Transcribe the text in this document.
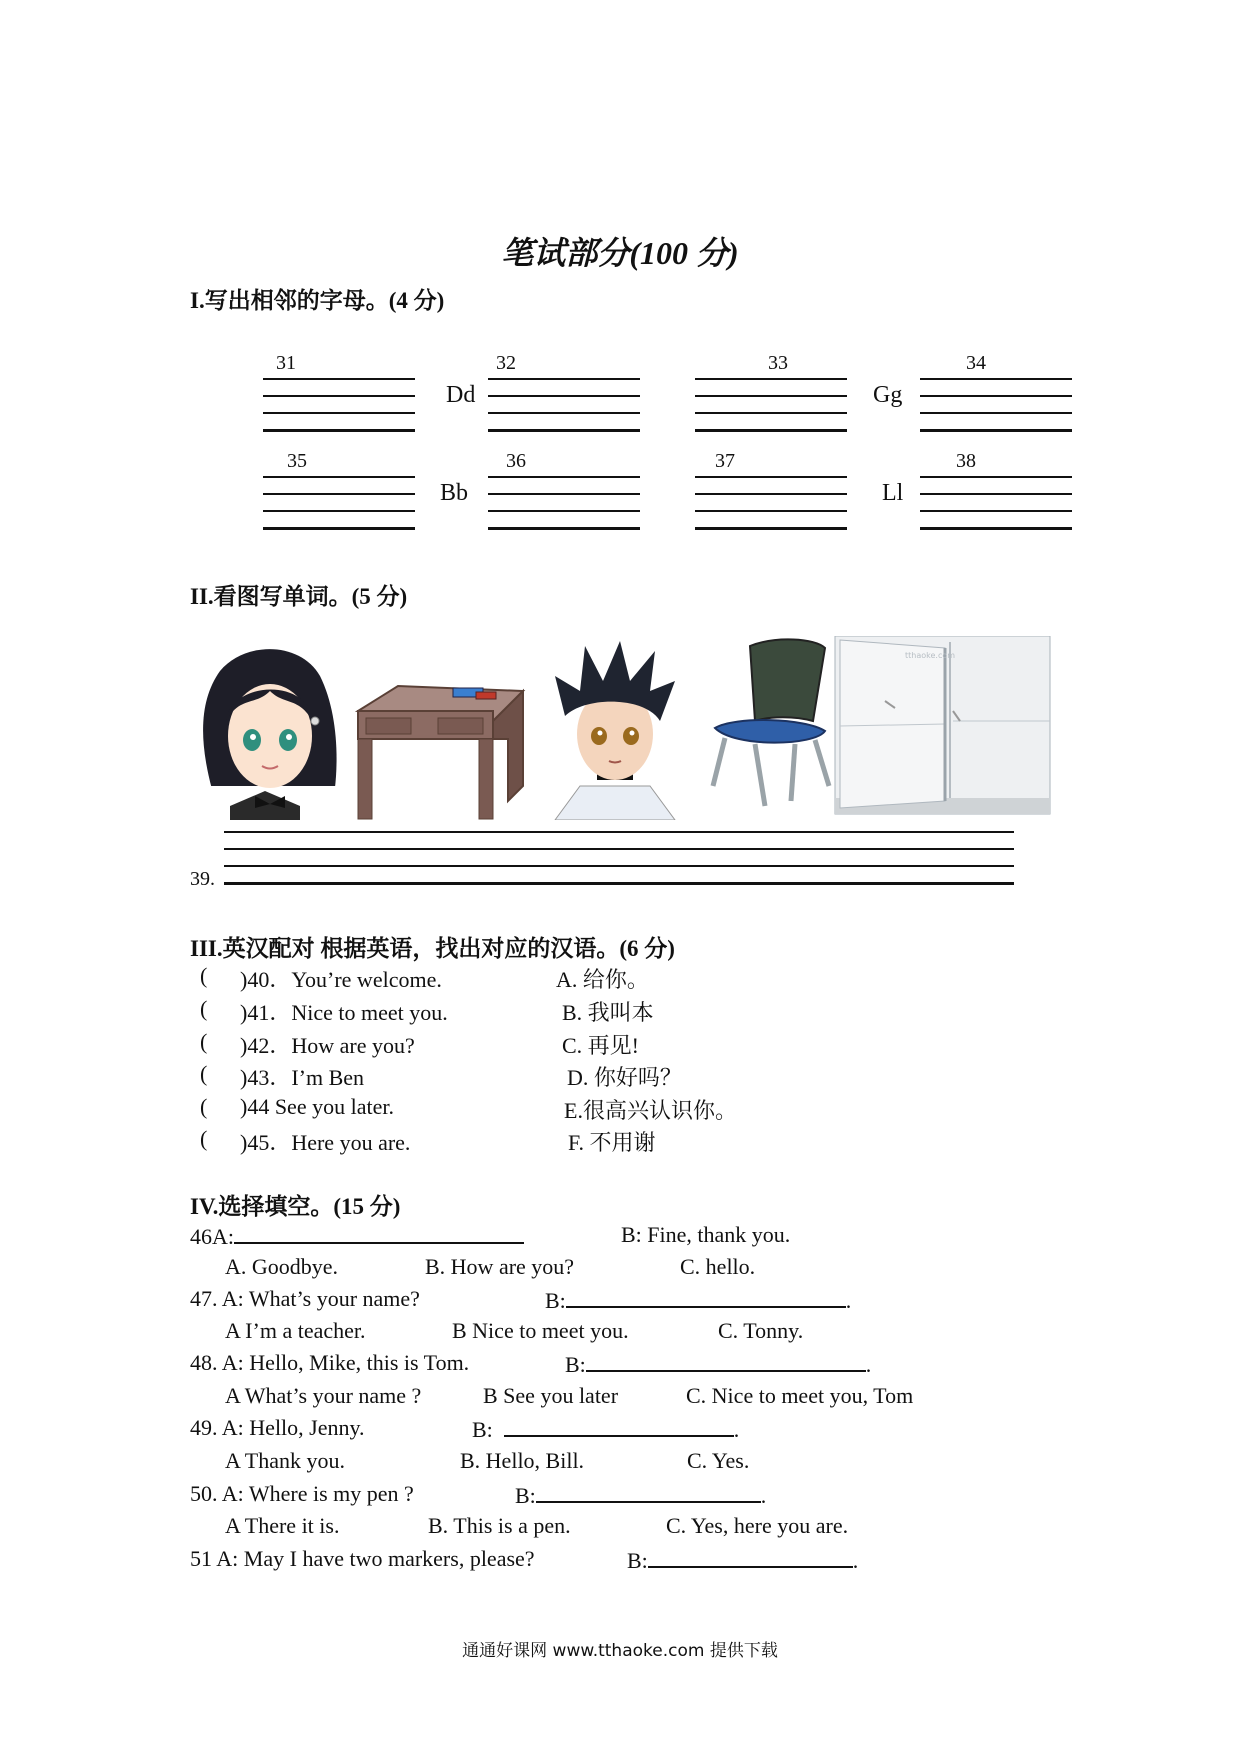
笔试部分(100 分)
I.写出相邻的字母。(4 分)
31
Dd
32	33
Gg
34
35
Bb
36	37
Ll
38
II.看图写单词。(5 分)
tthaoke.com
39.
III.英汉配对 根据英语，找出对应的汉语。(6 分)
( )40．You’re welcome.	A. 给你。
( )41．Nice to meet you.	B. 我叫本
( )42．How are you?	C. 再见!
( )43．I’m Ben	D. 你好吗？
( )44 See you later.	E.很高兴认识你。
( )45．Here you are.	F. 不用谢
IV.选择填空。(15 分)
46A:	B: Fine, thank you.
A. Goodbye.	B. How are you?	C. hello.
47. A: What’s your name?	B:	.
A I’m a teacher.	B Nice to meet you.	C. Tonny.
48. A: Hello, Mike, this is Tom.	B:	.
A What’s your name ?	B See you later	C. Nice to meet you, Tom
49. A: Hello, Jenny.	B:	.
A Thank you.	B. Hello, Bill.	C. Yes.
50. A: Where is my pen ?	B:	.
A There it is.	B. This is a pen.	C. Yes, here you are.
51 A: May I have two markers, please?	B:	.
通通好课网 www.tthaoke.com 提供下载
